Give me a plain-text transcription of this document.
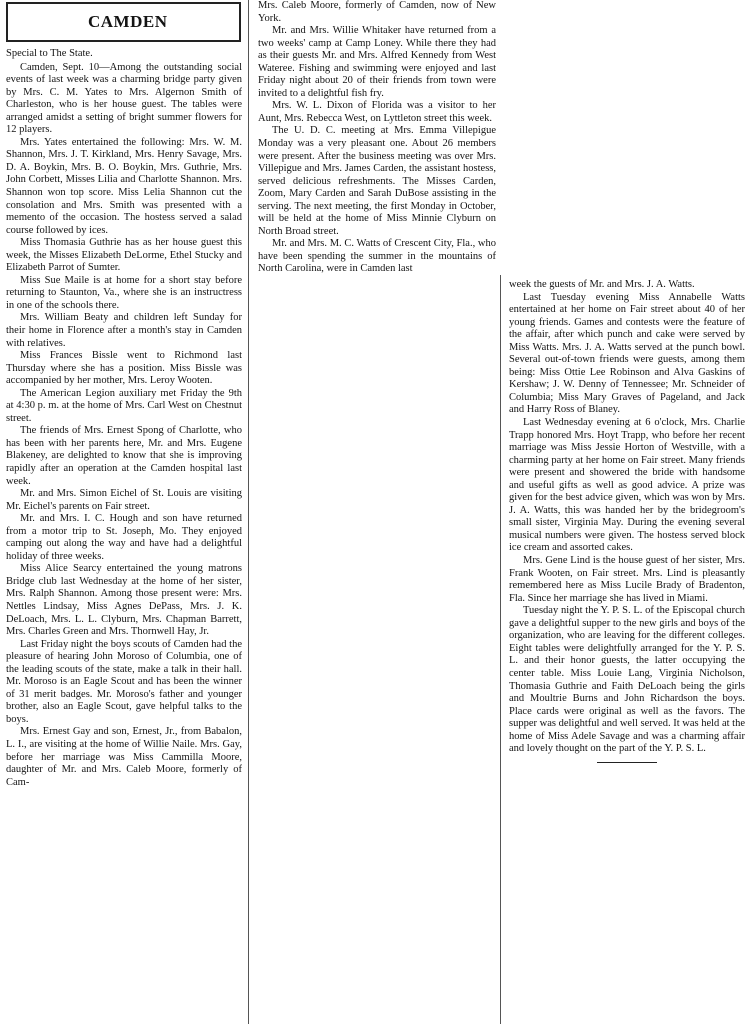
CAMDEN
Special to The State.

Camden, Sept. 10—Among the outstanding social events of last week was a charming bridge party given by Mrs. C. M. Yates to Mrs. Algernon Smith of Charleston, who is her house guest. The tables were arranged amidst a setting of bright summer flowers for 12 players.

Mrs. Yates entertained the following: Mrs. W. M. Shannon, Mrs. J. T. Kirkland, Mrs. Henry Savage, Mrs. D. A. Boykin, Mrs. B. O. Boykin, Mrs. Guthrie, Mrs. John Corbett, Misses Lilia and Charlotte Shannon. Mrs. Shannon won top score. Miss Lelia Shannon cut the consolation and Mrs. Smith was presented with a memento of the occasion. The hostess served a salad course followed by ices.

Miss Thomasia Guthrie has as her house guest this week, the Misses Elizabeth DeLorme, Ethel Stucky and Elizabeth Parrot of Sumter.

Miss Sue Maile is at home for a short stay before returning to Staunton, Va., where she is an instructress in one of the schools there.

Mrs. William Beaty and children left Sunday for their home in Florence after a month's stay in Camden with relatives.

Miss Frances Bissle went to Richmond last Thursday where she has a position. Miss Bissle was accompanied by her mother, Mrs. Leroy Wooten.

The American Legion auxiliary met Friday the 9th at 4:30 p. m. at the home of Mrs. Carl West on Chestnut street.

The friends of Mrs. Ernest Spong of Charlotte, who has been with her parents here, Mr. and Mrs. Eugene Blakeney, are delighted to know that she is improving rapidly after an operation at the Camden hospital last week.

Mr. and Mrs. Simon Eichel of St. Louis are visiting Mr. Eichel's parents on Fair street.

Mr. and Mrs. I. C. Hough and son have returned from a motor trip to St. Joseph, Mo. They enjoyed camping out along the way and have had a delightful holiday of three weeks.

Miss Alice Searcy entertained the young matrons Bridge club last Wednesday at the home of her sister, Mrs. Ralph Shannon. Among those present were: Mrs. Nettles Lindsay, Miss Agnes DePass, Mrs. J. K. DeLoach, Mrs. L. L. Clyburn, Mrs. Chapman Barrett, Mrs. Charles Green and Mrs. Thornwell Hay, Jr.

Last Friday night the boys scouts of Camden had the pleasure of hearing John Moroso of Columbia, one of the leading scouts of the state, make a talk in their hall. Mr. Moroso is an Eagle Scout and has been the winner of 31 merit badges. Mr. Moroso's father and younger brother, also an Eagle Scout, gave helpful talks to the boys.

Mrs. Ernest Gay and son, Ernest, Jr., from Babalon, L. I., are visiting at the home of Willie Naile. Mrs. Gay, before her marriage was Miss Cammilla Moore, daughter of Mr. and Mrs. Caleb Moore, formerly of Cam-

Mrs. Caleb Moore, formerly of Camden, now of New York.

Mr. and Mrs. Willie Whitaker have returned from a two weeks' camp at Camp Loney. While there they had as their guests Mr. and Mrs. Alfred Kennedy from West Wateree. Fishing and swimming were enjoyed and last Friday night about 20 of their friends from town were invited to a delightful fish fry.

Mrs. W. L. Dixon of Florida was a visitor to her Aunt, Mrs. Rebecca West, on Lyttleton street this week.

The U. D. C. meeting at Mrs. Emma Villepigue Monday was a very pleasant one. About 26 members were present. After the business meeting was over Mrs. Villepigue and Mrs. James Carden, the assistant hostess, served delicious refreshments. The Misses Carden, Zoom, Mary Carden and Sarah DuBose assisting in the serving. The next meeting, the first Monday in October, will be held at the home of Miss Minnie Clyburn on North Broad street.

Mr. and Mrs. M. C. Watts of Crescent City, Fla., who have been spending the summer in the mountains of North Carolina, were in Camden last

week the guests of Mr. and Mrs. J. A. Watts.

Last Tuesday evening Miss Annabelle Watts entertained at her home on Fair street about 40 of her young friends. Games and contests were the feature of the affair, after which punch and cake were served by Miss Watts. Mrs. J. A. Watts served at the punch bowl. Several out-of-town friends were guests, among them being: Miss Ottie Lee Robinson and Alva Gaskins of Kershaw; J. W. Denny of Tennessee; Mr. Schneider of Columbia; Miss Mary Graves of Pageland, and Jack and Harry Ross of Blaney.

Last Wednesday evening at 6 o'clock, Mrs. Charlie Trapp honored Mrs. Hoyt Trapp, who before her recent marriage was Miss Jessie Horton of Westville, with a charming party at her home on Fair street. Many friends were present and showered the bride with handsome and useful gifts as well as good advice. A prize was given for the best advice given, which was won by Mrs. J. A. Watts, this was handed her by the bridegroom's small sister, Virginia May. During the evening several musical numbers were given. The hostess served block ice cream and assorted cakes.

Mrs. Gene Lind is the house guest of her sister, Mrs. Frank Wooten, on Fair street. Mrs. Lind is pleasantly remembered here as Miss Lucile Brady of Bradenton, Fla. Since her marriage she has lived in Miami.

Tuesday night the Y. P. S. L. of the Episcopal church gave a delightful supper to the new girls and boys of the organization, who are leaving for the different colleges. Eight tables were delightfully arranged for the Y. P. S. L. and their honor guests, the latter occupying the center table. Miss Louie Lang, Virginia Nicholson, Thomasia Guthrie and Faith DeLoach being the girls and Moultrie Burns and John Richardson the boys. Place cards were original as well as the favors. The supper was delightful and well served. It was held at the home of Miss Adele Savage and was a charming affair and lovely thought on the part of the Y. P. S. L.
